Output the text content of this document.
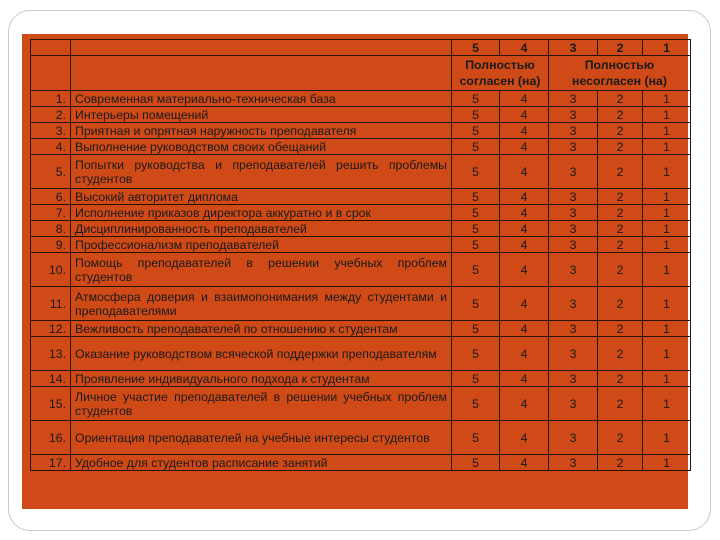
		5	4	3	2	1
		Полностью согласен (на)		Полностью несогласен (на)		
1.	Современная материально-техническая база	5	4	3	2	1
2.	Интерьеры помещений	5	4	3	2	1
3.	Приятная и опрятная наружность преподавателя	5	4	3	2	1
4.	Выполнение руководством своих обещаний	5	4	3	2	1
5.	Попытки руководства и преподавателей решить проблемы студентов	5	4	3	2	1
6.	Высокий авторитет диплома	5	4	3	2	1
7.	Исполнение приказов директора аккуратно и в срок	5	4	3	2	1
8.	Дисциплинированность преподавателей	5	4	3	2	1
9.	Профессионализм преподавателей	5	4	3	2	1
10.	Помощь преподавателей в решении учебных проблем студентов	5	4	3	2	1
11.	Атмосфера доверия и взаимопонимания между студентами и преподавателями	5	4	3	2	1
12.	Вежливость преподавателей по отношению к студентам	5	4	3	2	1
13.	Оказание руководством всяческой поддержки преподавателям	5	4	3	2	1
14.	Проявление индивидуального подхода к студентам	5	4	3	2	1
15.	Личное участие преподавателей в решении учебных проблем студентов	5	4	3	2	1
16.	Ориентация преподавателей на учебные интересы студентов	5	4	3	2	1
17.	Удобное для студентов расписание занятий	5	4	3	2	1
